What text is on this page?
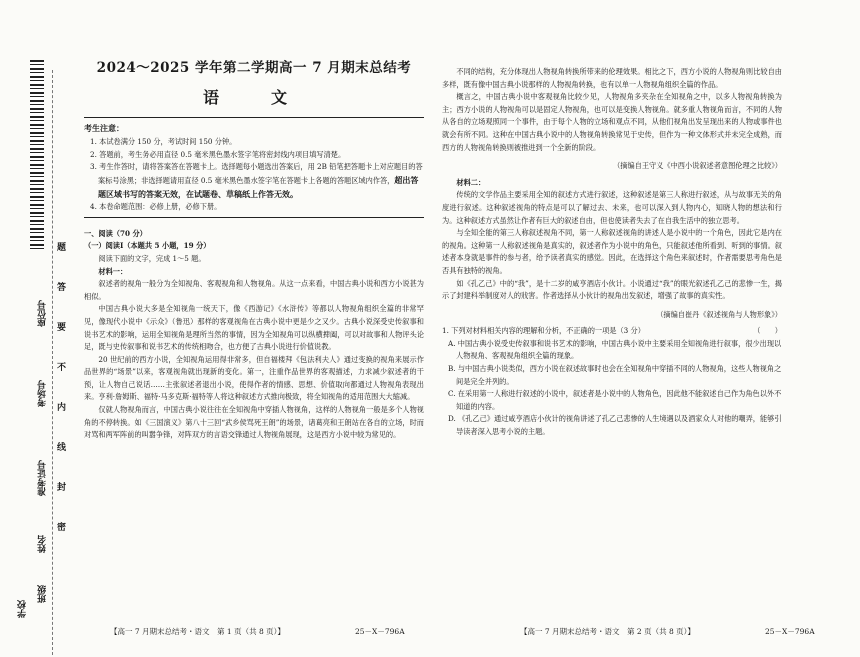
座位号
考场号
准考证号
姓名
班级
学校
题
答
要
不
内
线
封
密
2024～2025 学年第二学期高一 7 月期末总结考
语　文
考生注意：

1. 本试卷满分 150 分，考试时间 150 分钟。

2. 答题前，考生务必用直径 0.5 毫米黑色墨水签字笔将密封线内项目填写清楚。

3. 考生作答时，请将答案答在答题卡上。选择题每小题选出答案后，用 2B 铅笔把答题卡上对应题目的答案标号涂黑；非选择题请用直径 0.5 毫米黑色墨水签字笔在答题卡上各题的答题区域内作答，超出答题区域书写的答案无效，在试题卷、草稿纸上作答无效。

4. 本卷命题范围：必修上册，必修下册。

一、阅读（70 分）

（一）阅读Ⅰ（本题共 5 小题，19 分）

阅读下面的文字，完成 1～5 题。

材料一：

叙述者的视角一般分为全知视角、客观视角和人物视角。从这一点来看，中国古典小说和西方小说甚为相似。

中国古典小说大多是全知视角一统天下，像《西游记》《水浒传》等都以人物视角组织全篇的非常罕见，像现代小说中《示众》（鲁迅）那样的客观视角在古典小说中更是少之又少。古典小说深受史传叙事和说书艺术的影响，运用全知视角是理所当然的事情，因为全知视角可以纵横捭阖，可以对故事和人物评头论足，既与史传叙事和说书艺术的传统相吻合，也方便了古典小说进行价值说教。

20 世纪前的西方小说，全知视角运用得非常多，但自福楼拜《包法利夫人》通过变换的视角来展示作品世界的“场景”以来，客观视角就出现新的变化。第一，注重作品世界的客观描述，力求减少叙述者的干预，让人物自己说话……主张叙述者退出小说，使得作者的情感、思想、价值取向都通过人物视角表现出来。亨利·詹姆斯、福特·马多克斯·福特等人将这种叙述方式推向极致，将全知视角的适用范围大大缩减。

仅就人物视角而言，中国古典小说往往在全知视角中穿插人物视角，这样的人物视角一般是多个人物视角的不停转换。如《三国演义》第八十三回“武乡侯骂死王朗”的场景，诸葛亮和王朗站在各自的立场，时而对骂和两军阵前的叫嚣争锋，对阵双方的言语交锋通过人物视角展现，这是西方小说中较为常见的。

不同的结构，充分体现出人物视角转换所带来的伦理效果。相比之下，西方小说的人物视角则比较自由多样，既有像中国古典小说那样的人物视角转换，也有以单一人物视角组织全篇的作品。

概言之，中国古典小说中客观视角比较少见，人物视角多夹杂在全知视角之中，以多人物视角转换为主；西方小说的人物视角可以是固定人物视角，也可以是变换人物视角。就多重人物视角而言，不同的人物从各自的立场观照同一个事件，由于每个人物的立场和观点不同，从他们视角出发呈现出来的人物或事件也就会有所不同。这种在中国古典小说中的人物视角转换常见于史传，但作为一种文体形式并未完全成熟，而西方的人物视角转换则被推进到一个全新的阶段。

（摘编自王守义《中西小说叙述者意图伦理之比较》）

材料二：

传统的文学作品主要采用全知的叙述方式进行叙述，这种叙述是第三人称进行叙述，从与故事无关的角度进行叙述。这种叙述视角的特点是可以了解过去、未来，也可以深入到人物内心，知晓人物的想法和行为。这种叙述方式虽然让作者有巨大的叙述自由，但也使读者失去了在自我生活中的独立思考。

与全知全能的第三人称叙述视角不同，第一人称叙述视角的讲述人是小说中的一个角色，因此它是内在的视角。这种第一人称叙述视角是真实的，叙述者作为小说中的角色，只能叙述他所看到、听到的事情。叙述者本身就是事件的参与者，给予读者真实的感觉。因此，在选择这个角色来叙述时，作者需要思考角色是否具有独特的视角。

如《孔乙己》中的“我”，是十二岁的咸亨酒店小伙计。小说通过“我”的眼光叙述孔乙己的悲惨一生，揭示了封建科举制度对人的戕害。作者选择从小伙计的视角出发叙述，增强了故事的真实性。

（摘编自崔丹《叙述视角与人物形象》）

1. 下列对材料相关内容的理解和分析，不正确的一项是（3 分）	（　　）

A. 中国古典小说受史传叙事和说书艺术的影响，中国古典小说中主要采用全知视角进行叙事，很少出现以人物视角、客观视角组织全篇的现象。

B. 与中国古典小说类似，西方小说在叙述故事时也会在全知视角中穿插不同的人物视角，这些人物视角之间是完全并列的。

C. 在采用第一人称进行叙述的小说中，叙述者是小说中的人物角色，因此他不能叙述自己作为角色以外不知道的内容。

D. 《孔乙己》通过咸亨酒店小伙计的视角讲述了孔乙己悲惨的人生境遇以及酒家众人对他的嘲弄，能够引导读者深入思考小说的主题。

【高一 7 月期末总结考・语文　第 1 页（共 8 页）】	25－X－796A	【高一 7 月期末总结考・语文　第 2 页（共 8 页）】	25－X－796A
